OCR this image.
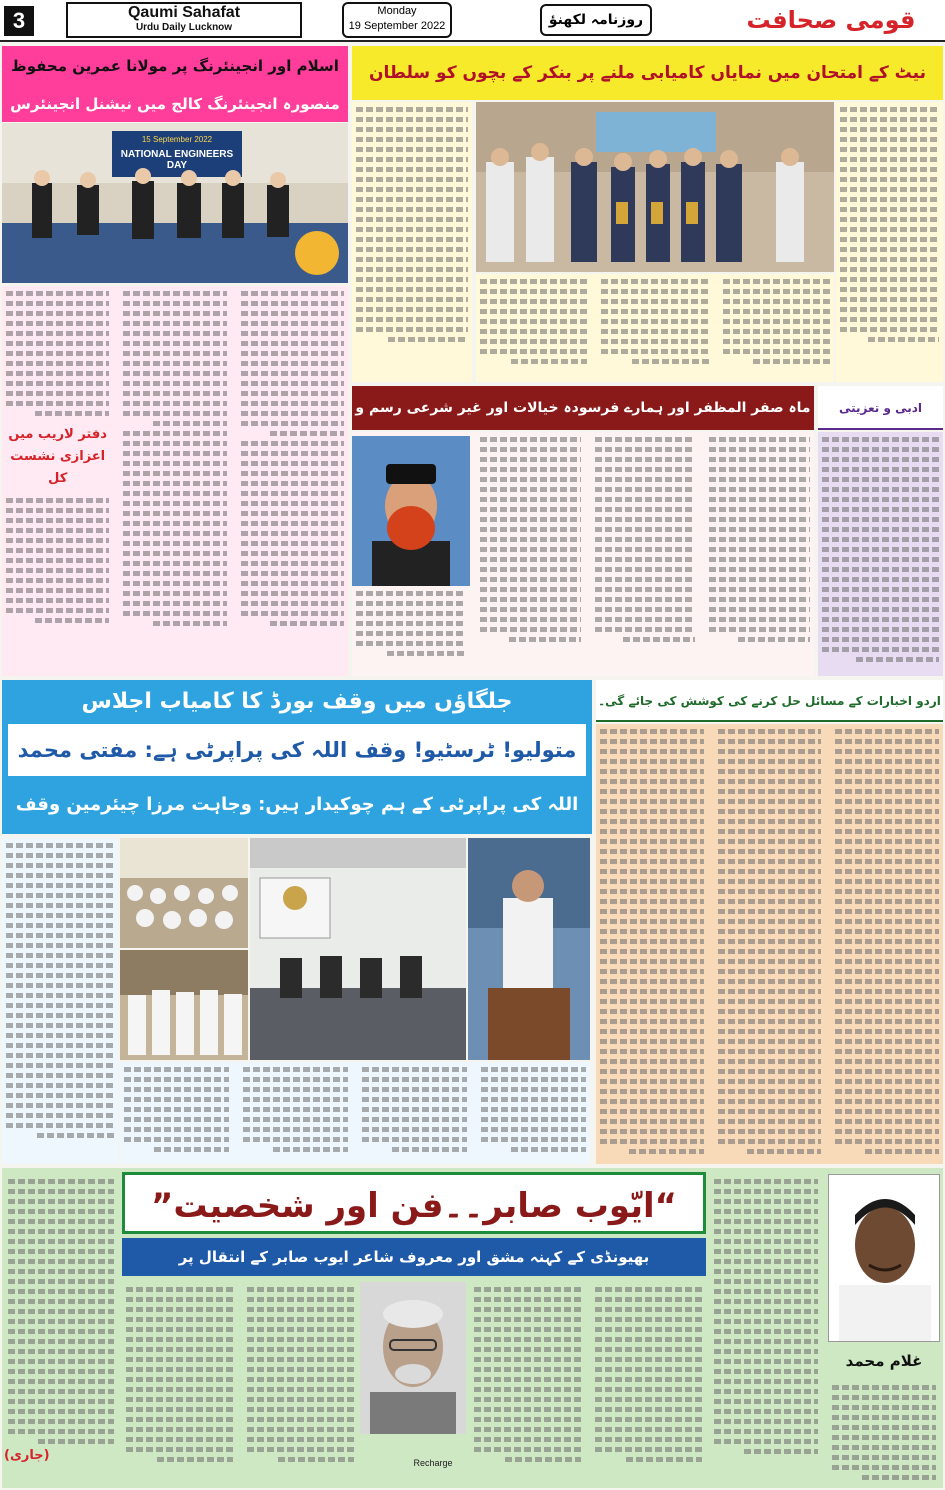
3	Qaumi Sahafat
Urdu Daily Lucknow
Monday
19 September 2022	روزنامہ لکھنؤ	قومی صحافت
اسلام اور انجینئرنگ پر مولانا عمرین محفوظ
منصورہ انجینئرنگ کالج میں نیشنل انجینئرس
NATIONAL ENGINEERS DAY
15 September 2022
دفتر لاریب میں اعزازی نشست کل
نیٹ کے امتحان میں نمایاں کامیابی ملنے پر بنکر کے بچوں کو سلطان
ماہ صفر المظفر اور ہمارے فرسودہ خیالات اور غیر شرعی رسم و	ادبی و تعزیتی
جلگاؤں میں وقف بورڈ کا کامیاب اجلاس
متولیو! ٹرسٹیو! وقف اللہ کی پراپرٹی ہے: مفتی محمد
اللہ کی پراپرٹی کے ہم چوکیدار ہیں: وجاہت مرزا چیئرمین وقف
اردو اخبارات کے مسائل حل کرنے کی کوشش کی جائے گی۔
“ایّوب صابر۔۔فن اور شخصیت”
بھیونڈی کے کہنہ مشق اور معروف شاعر ایوب صابر کے انتقال پر
Recharge
(جاری)
غلام محمد
